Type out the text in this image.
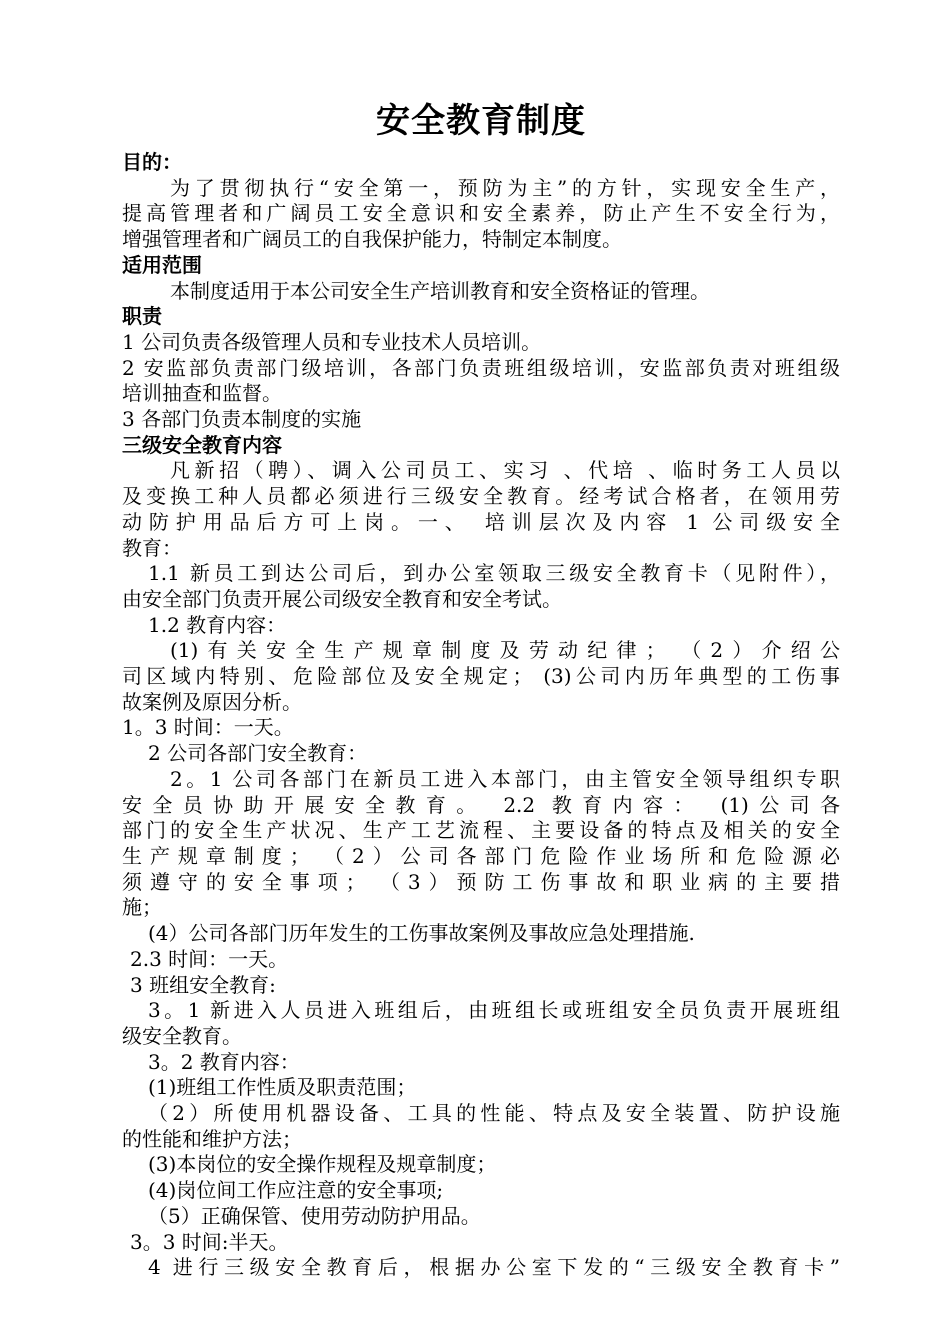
安全教育制度
目的：
为了贯彻执行“安全第一，预防为主”的方针，实现安全生产，
提高管理者和广阔员工安全意识和安全素养，防止产生不安全行为，
增强管理者和广阔员工的自我保护能力，特制定本制度。
适用范围
本制度适用于本公司安全生产培训教育和安全资格证的管理。
职责
1 公司负责各级管理人员和专业技术人员培训。
2 安监部负责部门级培训，各部门负责班组级培训，安监部负责对班组级
培训抽查和监督。
3 各部门负责本制度的实施
三级安全教育内容
凡新招（聘）、调入公司员工、实习 、代培 、临时务工人员以
及变换工种人员都必须进行三级安全教育。经考试合格者，在领用劳
动防护用品后方可上岗。一、 培训层次及内容 1 公司级安全
教育：
1.1 新员工到达公司后，到办公室领取三级安全教育卡（见附件），
由安全部门负责开展公司级安全教育和安全考试。
1.2 教育内容：
(1)有关安全生产规章制度及劳动纪律； （2）介绍公
司区域内特别、危险部位及安全规定； (3)公司内历年典型的工伤事
故案例及原因分析。
1。3 时间：一天。
2 公司各部门安全教育：
2。1 公司各部门在新员工进入本部门，由主管安全领导组织专职
安全员协助开展安全教育。 2.2 教育内容： (1)公司各
部门的安全生产状况、生产工艺流程、主要设备的特点及相关的安全
生产规章制度； （2）公司各部门危险作业场所和危险源必
须遵守的安全事项； （3）预防工伤事故和职业病的主要措
施；
(4）公司各部门历年发生的工伤事故案例及事故应急处理措施.
2.3 时间：一天。
3 班组安全教育:
3。1 新进入人员进入班组后，由班组长或班组安全员负责开展班组
级安全教育。
3。2 教育内容：
(1)班组工作性质及职责范围；
（2）所使用机器设备、工具的性能、特点及安全装置、防护设施
的性能和维护方法；
(3)本岗位的安全操作规程及规章制度；
(4)岗位间工作应注意的安全事项;
（5）正确保管、使用劳动防护用品。
3。3 时间:半天。
4 进行三级安全教育后，根据办公室下发的“三级安全教育卡”
